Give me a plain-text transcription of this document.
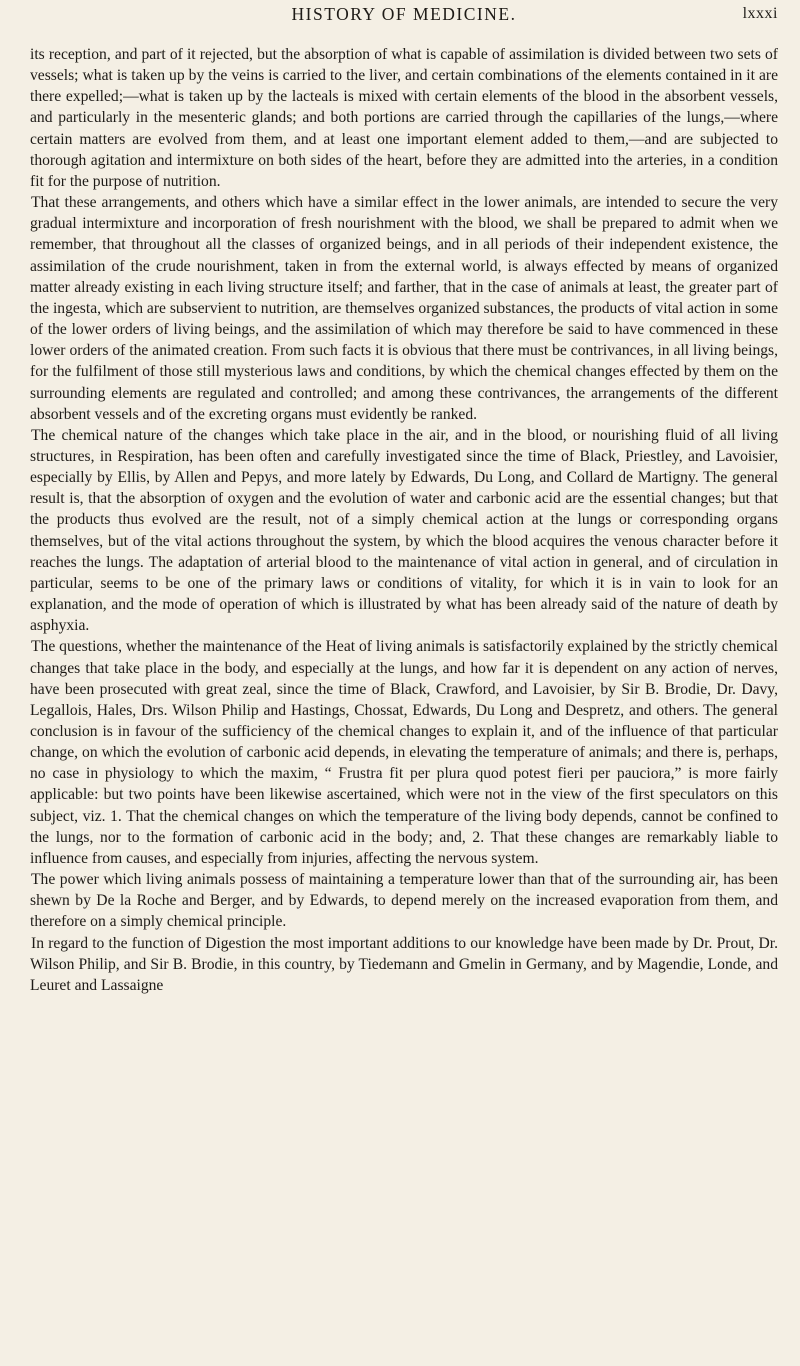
HISTORY OF MEDICINE.	lxxxi

its reception, and part of it rejected, but the absorption of what is capable of assimilation is divided between two sets of vessels; what is taken up by the veins is carried to the liver, and certain combinations of the elements contained in it are there expelled;—what is taken up by the lacteals is mixed with certain elements of the blood in the absorbent vessels, and particularly in the mesenteric glands; and both portions are carried through the capillaries of the lungs,—where certain matters are evolved from them, and at least one important element added to them,—and are subjected to thorough agitation and intermixture on both sides of the heart, before they are admitted into the arteries, in a condition fit for the purpose of nutrition.

That these arrangements, and others which have a similar effect in the lower animals, are intended to secure the very gradual intermixture and incorporation of fresh nourishment with the blood, we shall be prepared to admit when we remember, that throughout all the classes of organized beings, and in all periods of their independent existence, the assimilation of the crude nourishment, taken in from the external world, is always effected by means of organized matter already existing in each living structure itself; and farther, that in the case of animals at least, the greater part of the ingesta, which are subservient to nutrition, are themselves organized substances, the products of vital action in some of the lower orders of living beings, and the assimilation of which may therefore be said to have commenced in these lower orders of the animated creation. From such facts it is obvious that there must be contrivances, in all living beings, for the fulfilment of those still mysterious laws and conditions, by which the chemical changes effected by them on the surrounding elements are regulated and controlled; and among these contrivances, the arrangements of the different absorbent vessels and of the excreting organs must evidently be ranked.

The chemical nature of the changes which take place in the air, and in the blood, or nourishing fluid of all living structures, in Respiration, has been often and carefully investigated since the time of Black, Priestley, and Lavoisier, especially by Ellis, by Allen and Pepys, and more lately by Edwards, Du Long, and Collard de Martigny. The general result is, that the absorption of oxygen and the evolution of water and carbonic acid are the essential changes; but that the products thus evolved are the result, not of a simply chemical action at the lungs or corresponding organs themselves, but of the vital actions throughout the system, by which the blood acquires the venous character before it reaches the lungs. The adaptation of arterial blood to the maintenance of vital action in general, and of circulation in particular, seems to be one of the primary laws or conditions of vitality, for which it is in vain to look for an explanation, and the mode of operation of which is illustrated by what has been already said of the nature of death by asphyxia.

The questions, whether the maintenance of the Heat of living animals is satisfactorily explained by the strictly chemical changes that take place in the body, and especially at the lungs, and how far it is dependent on any action of nerves, have been prosecuted with great zeal, since the time of Black, Crawford, and Lavoisier, by Sir B. Brodie, Dr. Davy, Legallois, Hales, Drs. Wilson Philip and Hastings, Chossat, Edwards, Du Long and Despretz, and others. The general conclusion is in favour of the sufficiency of the chemical changes to explain it, and of the influence of that particular change, on which the evolution of carbonic acid depends, in elevating the temperature of animals; and there is, perhaps, no case in physiology to which the maxim, “ Frustra fit per plura quod potest fieri per pauciora,” is more fairly applicable: but two points have been likewise ascertained, which were not in the view of the first speculators on this subject, viz. 1. That the chemical changes on which the temperature of the living body depends, cannot be confined to the lungs, nor to the formation of carbonic acid in the body; and, 2. That these changes are remarkably liable to influence from causes, and especially from injuries, affecting the nervous system.

The power which living animals possess of maintaining a temperature lower than that of the surrounding air, has been shewn by De la Roche and Berger, and by Edwards, to depend merely on the increased evaporation from them, and therefore on a simply chemical principle.

In regard to the function of Digestion the most important additions to our knowledge have been made by Dr. Prout, Dr. Wilson Philip, and Sir B. Brodie, in this country, by Tiedemann and Gmelin in Germany, and by Magendie, Londe, and Leuret and Lassaigne
